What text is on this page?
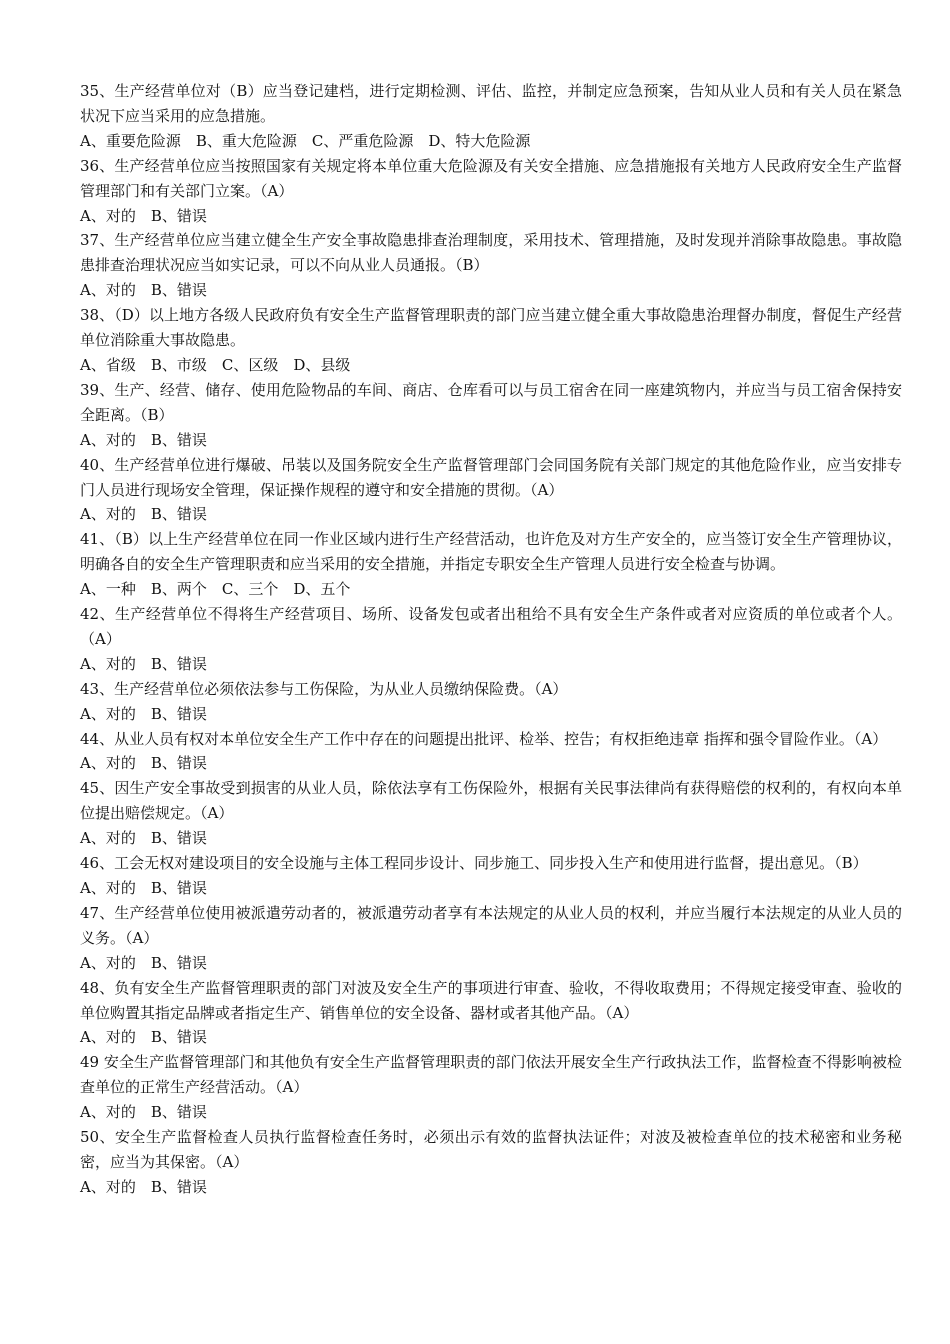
35、生产经营单位对（B）应当登记建档，进行定期检测、评估、监控，并制定应急预案，告知从业人员和有关人员在紧急状况下应当采用的应急措施。

A、重要危险源　B、重大危险源　C、严重危险源　D、特大危险源

36、生产经营单位应当按照国家有关规定将本单位重大危险源及有关安全措施、应急措施报有关地方人民政府安全生产监督管理部门和有关部门立案。（A）

A、对的　B、错误

37、生产经营单位应当建立健全生产安全事故隐患排查治理制度，采用技术、管理措施，及时发现并消除事故隐患。事故隐患排查治理状况应当如实记录，可以不向从业人员通报。（B）

A、对的　B、错误

38、（D）以上地方各级人民政府负有安全生产监督管理职责的部门应当建立健全重大事故隐患治理督办制度，督促生产经营单位消除重大事故隐患。

A、省级　B、市级　C、区级　D、县级

39、生产、经营、储存、使用危险物品的车间、商店、仓库看可以与员工宿舍在同一座建筑物内，并应当与员工宿舍保持安全距离。（B）

A、对的　B、错误

40、生产经营单位进行爆破、吊装以及国务院安全生产监督管理部门会同国务院有关部门规定的其他危险作业，应当安排专门人员进行现场安全管理，保证操作规程的遵守和安全措施的贯彻。（A）

A、对的　B、错误

41、（B）以上生产经营单位在同一作业区域内进行生产经营活动，也许危及对方生产安全的，应当签订安全生产管理协议，明确各自的安全生产管理职责和应当采用的安全措施，并指定专职安全生产管理人员进行安全检查与协调。

A、一种　B、两个　C、三个　D、五个

42、生产经营单位不得将生产经营项目、场所、设备发包或者出租给不具有安全生产条件或者对应资质的单位或者个人。（A）

A、对的　B、错误

43、生产经营单位必须依法参与工伤保险，为从业人员缴纳保险费。（A）

A、对的　B、错误

44、从业人员有权对本单位安全生产工作中存在的问题提出批评、检举、控告；有权拒绝违章 指挥和强令冒险作业。（A）

A、对的　B、错误

45、因生产安全事故受到损害的从业人员，除依法享有工伤保险外，根据有关民事法律尚有获得赔偿的权利的，有权向本单位提出赔偿规定。（A）

A、对的　B、错误

46、工会无权对建设项目的安全设施与主体工程同步设计、同步施工、同步投入生产和使用进行监督，提出意见。（B）

A、对的　B、错误

47、生产经营单位使用被派遣劳动者的，被派遣劳动者享有本法规定的从业人员的权利，并应当履行本法规定的从业人员的义务。（A）

A、对的　B、错误

48、负有安全生产监督管理职责的部门对波及安全生产的事项进行审查、验收，不得收取费用；不得规定接受审查、验收的单位购置其指定品牌或者指定生产、销售单位的安全设备、器材或者其他产品。（A）

A、对的　B、错误

49 安全生产监督管理部门和其他负有安全生产监督管理职责的部门依法开展安全生产行政执法工作，监督检查不得影响被检查单位的正常生产经营活动。（A）

A、对的　B、错误

50、安全生产监督检查人员执行监督检查任务时，必须出示有效的监督执法证件；对波及被检查单位的技术秘密和业务秘密，应当为其保密。（A）

A、对的　B、错误
